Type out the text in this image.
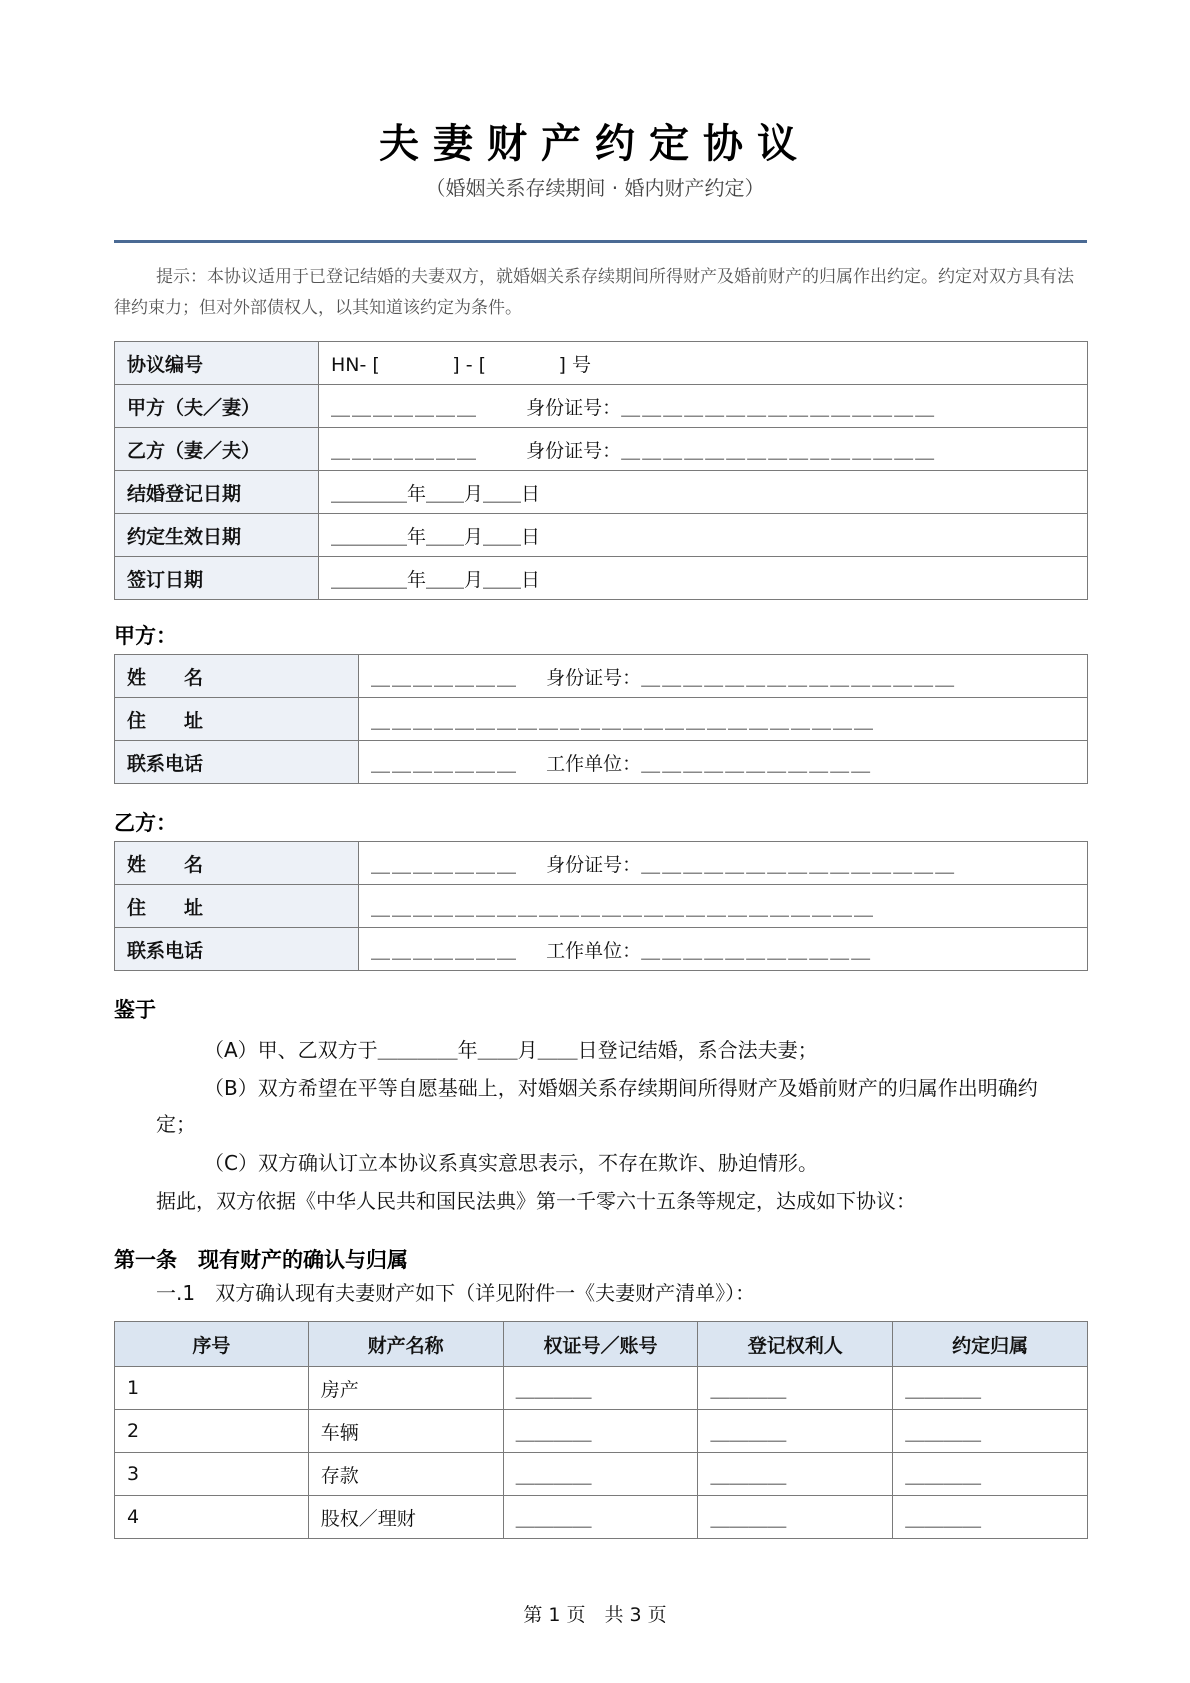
夫妻财产约定协议
（婚姻关系存续期间 · 婚内财产约定）
提示：本协议适用于已登记结婚的夫妻双方，就婚姻关系存续期间所得财产及婚前财产的归属作出约定。约定对双方具有法律约束力；但对外部债权人，以其知道该约定为条件。
协议编号	HN- [            ] - [            ] 号
甲方（夫／妻）	＿＿＿＿＿＿＿ 身份证号：＿＿＿＿＿＿＿＿＿＿＿＿＿＿＿
乙方（妻／夫）	＿＿＿＿＿＿＿ 身份证号：＿＿＿＿＿＿＿＿＿＿＿＿＿＿＿
结婚登记日期	＿＿＿＿年＿＿月＿＿日
约定生效日期	＿＿＿＿年＿＿月＿＿日
签订日期	＿＿＿＿年＿＿月＿＿日
甲方：
姓　　名	＿＿＿＿＿＿＿ 身份证号：＿＿＿＿＿＿＿＿＿＿＿＿＿＿＿
住　　址	＿＿＿＿＿＿＿＿＿＿＿＿＿＿＿＿＿＿＿＿＿＿＿＿
联系电话	＿＿＿＿＿＿＿ 工作单位：＿＿＿＿＿＿＿＿＿＿＿
乙方：
姓　　名	＿＿＿＿＿＿＿ 身份证号：＿＿＿＿＿＿＿＿＿＿＿＿＿＿＿
住　　址	＿＿＿＿＿＿＿＿＿＿＿＿＿＿＿＿＿＿＿＿＿＿＿＿
联系电话	＿＿＿＿＿＿＿ 工作单位：＿＿＿＿＿＿＿＿＿＿＿
鉴于
（A）甲、乙双方于＿＿＿＿年＿＿月＿＿日登记结婚，系合法夫妻；
（B）双方希望在平等自愿基础上，对婚姻关系存续期间所得财产及婚前财产的归属作出明确约
定；
（C）双方确认订立本协议系真实意思表示，不存在欺诈、胁迫情形。
据此，双方依据《中华人民共和国民法典》第一千零六十五条等规定，达成如下协议：
第一条　现有财产的确认与归属
一.1　双方确认现有夫妻财产如下（详见附件一《夫妻财产清单》）：
序号	财产名称	权证号／账号	登记权利人	约定归属
1	房产	＿＿＿＿	＿＿＿＿	＿＿＿＿
2	车辆	＿＿＿＿	＿＿＿＿	＿＿＿＿
3	存款	＿＿＿＿	＿＿＿＿	＿＿＿＿
4	股权／理财	＿＿＿＿	＿＿＿＿	＿＿＿＿
第 1 页　共 3 页
